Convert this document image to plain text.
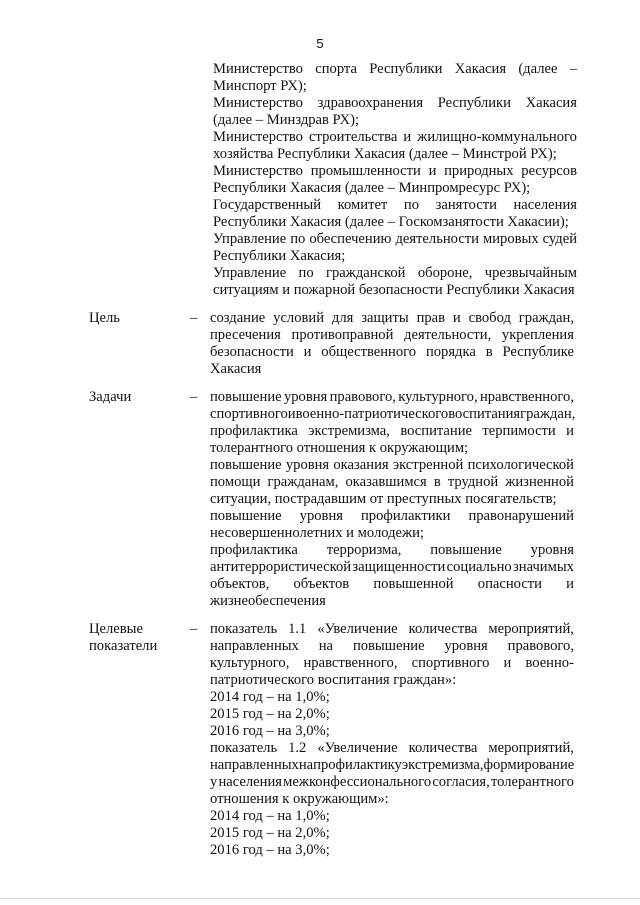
5
Министерство спорта Республики Хакасия (далее –
Минспорт РХ);
Министерство здравоохранения Республики Хакасия
(далее – Минздрав РХ);
Министерство строительства и жилищно-коммунального
хозяйства Республики Хакасия (далее – Минстрой РХ);
Министерство промышленности и природных ресурсов
Республики Хакасия (далее – Минпромресурс РХ);
Государственный комитет по занятости населения
Республики Хакасия (далее – Госкомзанятости Хакасии);
Управление по обеспечению деятельности мировых судей
Республики Хакасия;
Управление по гражданской обороне, чрезвычайным
ситуациям и пожарной безопасности Республики Хакасия
Цель	– создание условий для защиты прав и свобод граждан,
пресечения противоправной деятельности, укрепления
безопасности и общественного порядка в Республике
Хакасия
Задачи	– повышение уровня правового, культурного, нравственного,
спортивного и военно-патриотического воспитания граждан,
профилактика экстремизма, воспитание терпимости и
толерантного отношения к окружающим;
повышение уровня оказания экстренной психологической
помощи гражданам, оказавшимся в трудной жизненной
ситуации, пострадавшим от преступных посягательств;
повышение уровня профилактики правонарушений
несовершеннолетних и молодежи;
профилактика терроризма, повышение уровня
антитеррористической защищенности социально значимых
объектов, объектов повышенной опасности и
жизнеобеспечения
Целевые
показатели
– показатель 1.1 «Увеличение количества мероприятий,
направленных на повышение уровня правового,
культурного, нравственного, спортивного и военно-
патриотического воспитания граждан»:
2014 год – на 1,0%;
2015 год – на 2,0%;
2016 год – на 3,0%;
показатель 1.2 «Увеличение количества мероприятий,
направленных на профилактику экстремизма, формирование
у населения межконфессионального согласия, толерантного
отношения к окружающим»:
2014 год – на 1,0%;
2015 год – на 2,0%;
2016 год – на 3,0%;
